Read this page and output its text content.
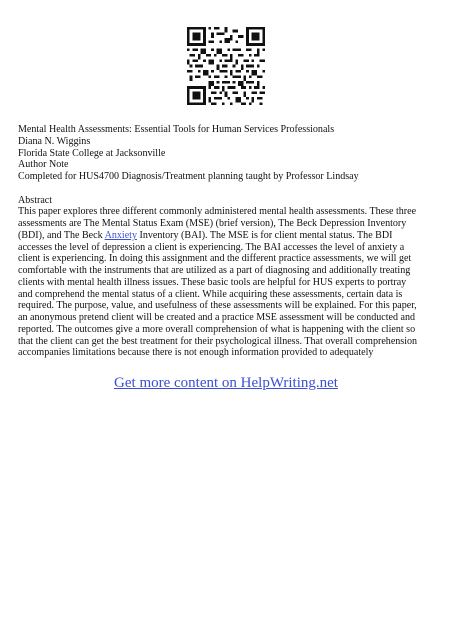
Mental Health Assessments: Essential Tools for Human Services Professionals
Diana N. Wiggins
Florida State College at Jacksonville
Author Note
Completed for HUS4700 Diagnosis/Treatment planning taught by Professor Lindsay
Abstract
This paper explores three different commonly administered mental health assessments. These three
assessments are The Mental Status Exam (MSE) (brief version), The Beck Depression Inventory
(BDI), and The Beck Anxiety Inventory (BAI). The MSE is for client mental status. The BDI
accesses the level of depression a client is experiencing. The BAI accesses the level of anxiety a
client is experiencing. In doing this assignment and the different practice assessments, we will get
comfortable with the instruments that are utilized as a part of diagnosing and additionally treating
clients with mental health illness issues. These basic tools are helpful for HUS experts to portray
and comprehend the mental status of a client. While acquiring these assessments, certain data is
required. The purpose, value, and usefulness of these assessments will be explained. For this paper,
an anonymous pretend client will be created and a practice MSE assessment will be conducted and
reported. The outcomes give a more overall comprehension of what is happening with the client so
that the client can get the best treatment for their psychological illness. That overall comprehension
accompanies limitations because there is not enough information provided to adequately
Get more content on HelpWriting.net
